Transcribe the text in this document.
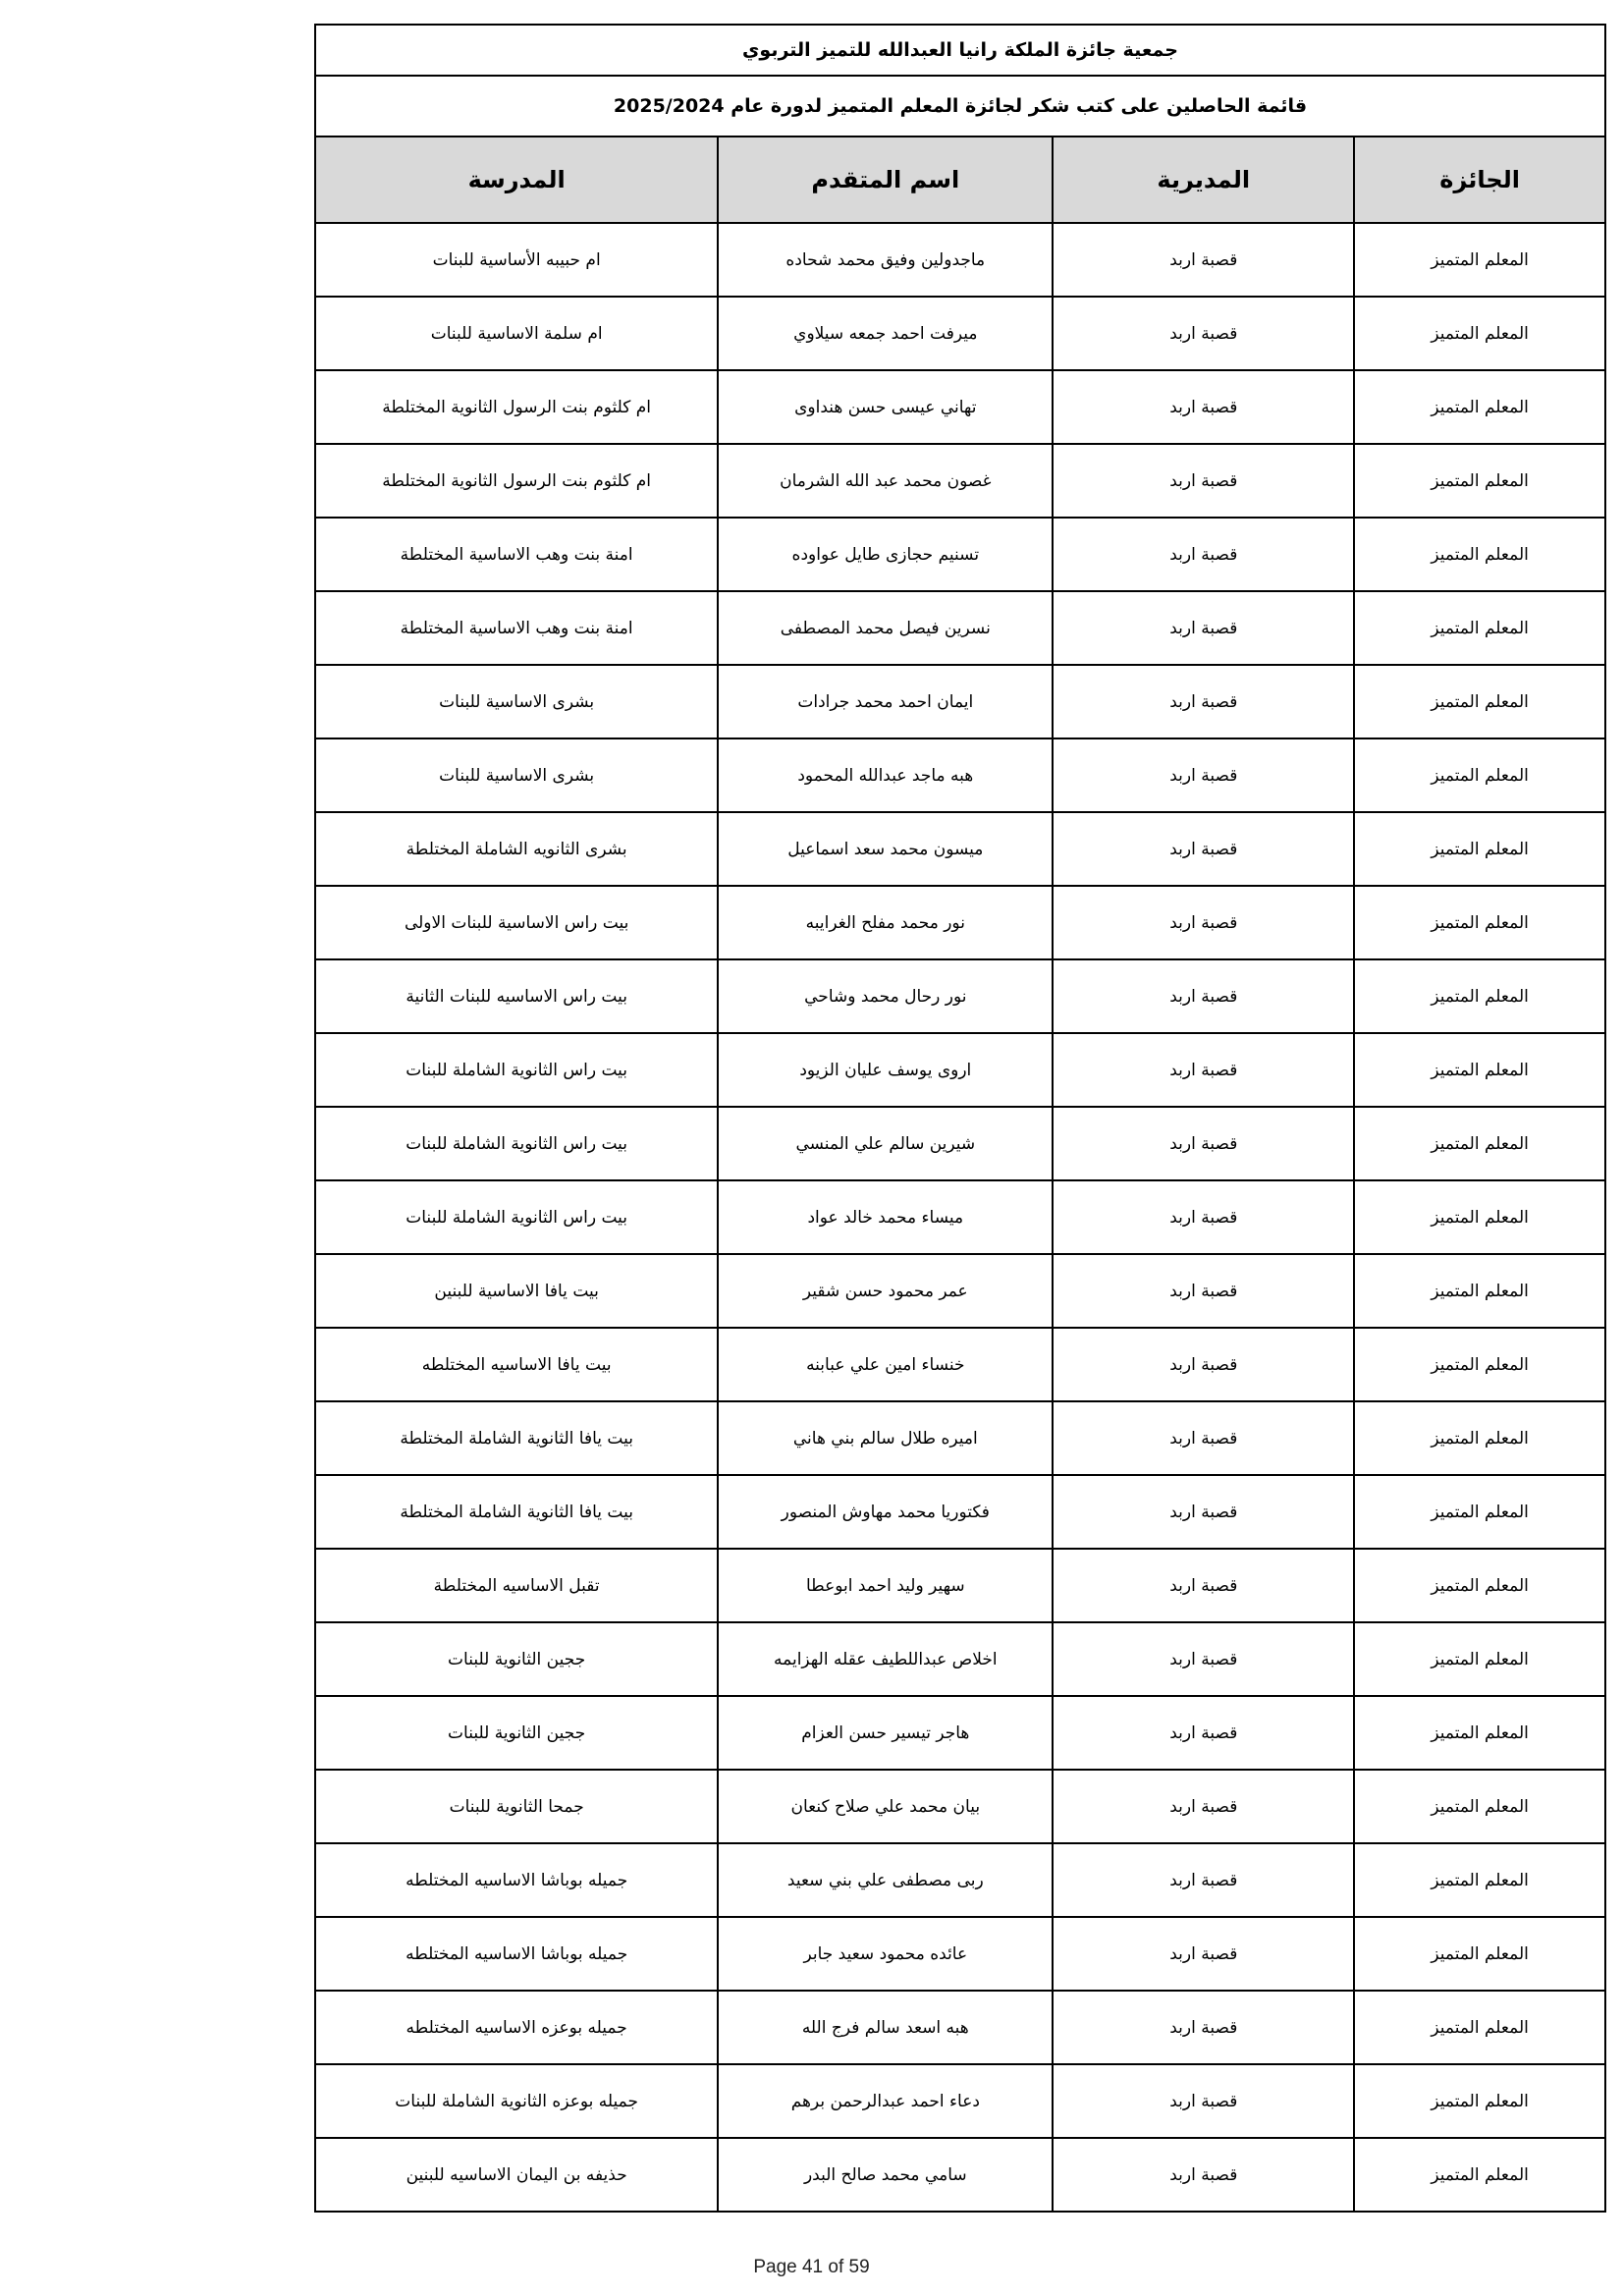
جمعية جائزة الملكة رانيا العبدالله للتميز التربوي			
قائمة الحاصلين على كتب شكر لجائزة المعلم المتميز لدورة عام 2025/2024			
الجائزة	المديرية	اسم المتقدم	المدرسة
المعلم المتميز	قصبة اربد	ماجدولين وفيق محمد شحاده	ام حبيبه الأساسية للبنات
المعلم المتميز	قصبة اربد	ميرفت احمد جمعه سيلاوي	ام سلمة الاساسية للبنات
المعلم المتميز	قصبة اربد	تهاني عيسى حسن هنداوى	ام كلثوم بنت الرسول الثانوية المختلطة
المعلم المتميز	قصبة اربد	غصون محمد عبد الله الشرمان	ام كلثوم بنت الرسول الثانوية المختلطة
المعلم المتميز	قصبة اربد	تسنيم حجازى طايل عواوده	امنة بنت وهب الاساسية المختلطة
المعلم المتميز	قصبة اربد	نسرين فيصل محمد المصطفى	امنة بنت وهب الاساسية المختلطة
المعلم المتميز	قصبة اربد	ايمان احمد محمد جرادات	بشرى الاساسية للبنات
المعلم المتميز	قصبة اربد	هبه ماجد عبدالله المحمود	بشرى الاساسية للبنات
المعلم المتميز	قصبة اربد	ميسون محمد سعد اسماعيل	بشرى الثانويه الشاملة المختلطة
المعلم المتميز	قصبة اربد	نور محمد مفلح الغرايبه	بيت راس الاساسية للبنات الاولى
المعلم المتميز	قصبة اربد	نور رحال محمد وشاحي	بيت راس الاساسيه للبنات الثانية
المعلم المتميز	قصبة اربد	اروى يوسف عليان الزيود	بيت راس الثانوية الشاملة للبنات
المعلم المتميز	قصبة اربد	شيرين سالم علي المنسي	بيت راس الثانوية الشاملة للبنات
المعلم المتميز	قصبة اربد	ميساء محمد خالد عواد	بيت راس الثانوية الشاملة للبنات
المعلم المتميز	قصبة اربد	عمر محمود حسن شقير	بيت يافا الاساسية للبنين
المعلم المتميز	قصبة اربد	خنساء امين علي عبابنه	بيت يافا الاساسيه المختلطه
المعلم المتميز	قصبة اربد	اميره طلال سالم بني هاني	بيت يافا الثانوية الشاملة المختلطة
المعلم المتميز	قصبة اربد	فكتوريا محمد مهاوش المنصور	بيت يافا الثانوية الشاملة المختلطة
المعلم المتميز	قصبة اربد	سهير وليد احمد ابوعطا	تقبل الاساسيه المختلطة
المعلم المتميز	قصبة اربد	اخلاص عبداللطيف عقله الهزايمه	ججين الثانوية للبنات
المعلم المتميز	قصبة اربد	هاجر تيسير حسن العزام	ججين الثانوية للبنات
المعلم المتميز	قصبة اربد	بيان محمد علي صلاح كنعان	جمحا الثانوية للبنات
المعلم المتميز	قصبة اربد	ربى مصطفى علي بني سعيد	جميله بوباشا الاساسيه المختلطه
المعلم المتميز	قصبة اربد	عائده محمود سعيد جابر	جميله بوباشا الاساسيه المختلطه
المعلم المتميز	قصبة اربد	هبه اسعد سالم فرج الله	جميله بوعزه الاساسيه المختلطه
المعلم المتميز	قصبة اربد	دعاء احمد عبدالرحمن برهم	جميله بوعزه الثانوية الشاملة للبنات
المعلم المتميز	قصبة اربد	سامي محمد صالح البدر	حذيفه بن اليمان الاساسيه للبنين
Page 41 of 59
